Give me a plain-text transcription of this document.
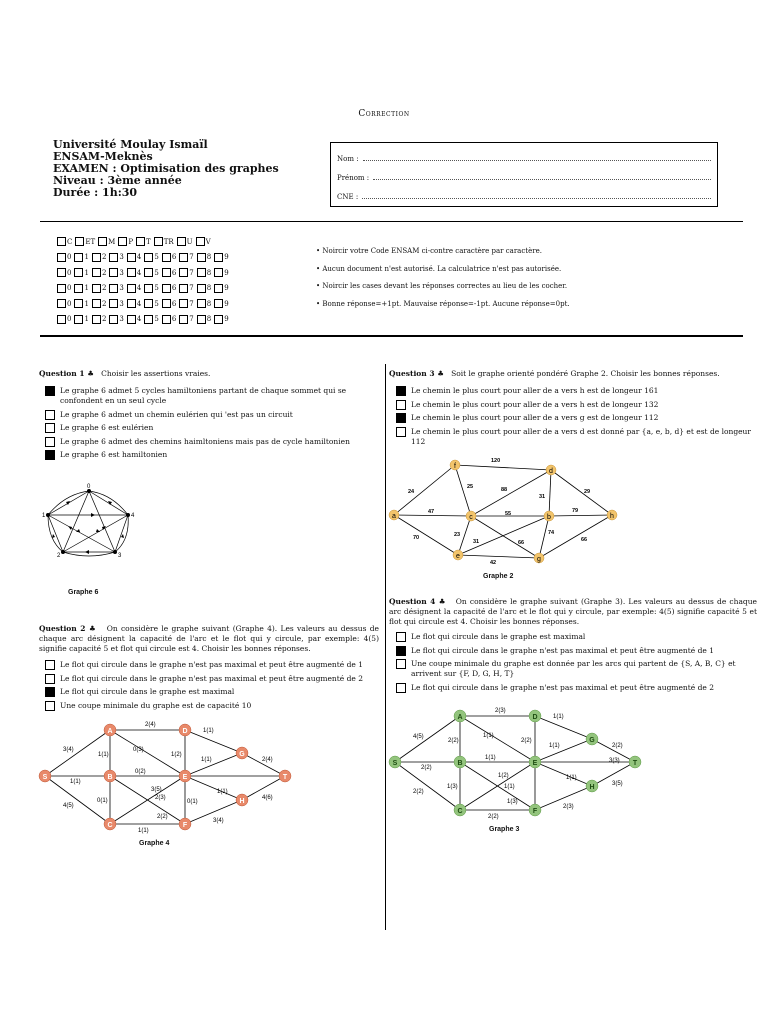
Correction
Université Moulay Ismaïl
ENSAM-Meknès
EXAMEN : Optimisation des graphes
Niveau : 3ème année
Durée : 1h:30
Nom :
Prénom :
CNE :
C ET M P T TR U V
0 1 2 3 4 5 6 7 8 9
0 1 2 3 4 5 6 7 8 9
0 1 2 3 4 5 6 7 8 9
0 1 2 3 4 5 6 7 8 9
0 1 2 3 4 5 6 7 8 9
• Noircir votre Code ENSAM ci-contre caractère par caractère.
• Aucun document n'est autorisé. La calculatrice n'est pas autorisée.
• Noircir les cases devant les réponses correctes au lieu de les cocher.
• Bonne réponse=+1pt. Mauvaise réponse=-1pt. Aucune réponse=0pt.
Question 1 ♣ Choisir les assertions vraies.
Le graphe 6 admet 5 cycles hamiltoniens partant de chaque sommet qui se confondent en un seul cycle
Le graphe 6 admet un chemin eulérien qui 'est pas un circuit
Le graphe 6 est eulérien
Le graphe 6 admet des chemins haimltoniens mais pas de cycle hamiltonien
Le graphe 6 est hamiltonien
0
1
2	3
4
Graphe 6
Question 2 ♣ On considère le graphe suivant (Graphe 4). Les valeurs au dessus de chaque arc désignent la capacité de l'arc et le flot qui y circule, par exemple: 4(5) signifie capacité 5 et flot qui circule est 4. Choisir les bonnes réponses.
Le flot qui circule dans le graphe n'est pas maximal et peut être augmenté de 1
Le flot qui circule dans le graphe n'est pas maximal et peut être augmenté de 2
Le flot qui circule dans le graphe est maximal
Une coupe minimale du graphe est de capacité 10
S
A
B
C
D
E
F
G
H
T
3(4)
1(1)
4(5)
2(4)
1(1)
0(3)
0(2)
1(2)
0(1)
1(1)
1(1)
2(2)
3(5)
0(1)
2(3)
1(1)
2(4)
4(6)
3(4)
1(1)
Graphe 4
Question 3 ♣ Soit le graphe orienté pondéré Graphe 2. Choisir les bonnes réponses.
Le chemin le plus court pour aller de a vers h est de longeur 161
Le chemin le plus court pour aller de a vers h est de longeur 132
Le chemin le plus court pour aller de a vers g est de longeur 112
Le chemin le plus court pour aller de a vers d est donné par {a, e, b, d} et est de longeur 112
a
f
d
c	b	h
e	g
120
24
25	88
31
29
47	55	79
70	23
31	66
74
66
42
Graphe 2
Question 4 ♣ On considère le graphe suivant (Graphe 3). Les valeurs au dessus de chaque arc désignent la capacité de l'arc et le flot qui y circule, par exemple: 4(5) signifie capacité 5 et flot qui circule est 4. Choisir les bonnes réponses.
Le flot qui circule dans le graphe est maximal
Le flot qui circule dans le graphe n'est pas maximal et peut être augmenté de 1
Une coupe minimale du graphe est donnée par les arcs qui partent de {S, A, B, C} et arrivent sur {F, D, G, H, T}
Le flot qui circule dans le graphe n'est pas maximal et peut être augmenté de 2
S
A
B
C
D
E
F
G
H
T
4(5)
2(2)
2(2)
2(3)
2(2)
1(1)
1(3)
1(1)
2(2)
1(1)
1(2)
1(1)
1(3)
2(2)
1(1)
2(2)
3(3)
1(1)
3(5)
2(3)
Graphe 3
